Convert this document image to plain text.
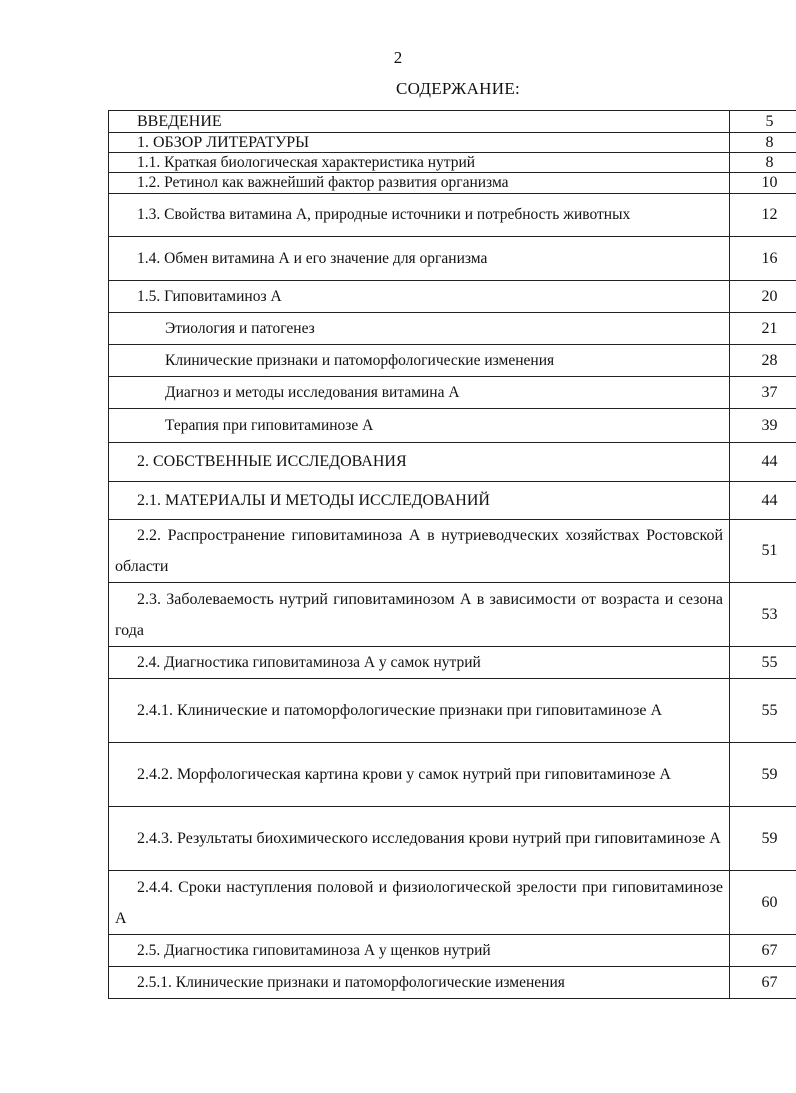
2
СОДЕРЖАНИЕ:
ВВЕДЕНИЕ	5
1. ОБЗОР ЛИТЕРАТУРЫ	8
1.1. Краткая биологическая характеристика нутрий	8
1.2. Ретинол как важнейший фактор развития организма	10

1.3. Свойства витамина А, природные источники и потребность животных	12
1.4. Обмен витамина А и его значение для организма	16
1.5. Гиповитаминоз А	20
Этиология и патогенез	21
Клинические признаки и патоморфологические изменения	28
Диагноз и методы исследования витамина А	37
Терапия при гиповитаминозе А	39
2. СОБСТВЕННЫЕ ИССЛЕДОВАНИЯ	44
2.1. МАТЕРИАЛЫ И МЕТОДЫ ИССЛЕДОВАНИЙ	44

2.2. Распространение гиповитаминоза А в нутриеводческих хозяйствах Ростовской области	51

2.3. Заболеваемость нутрий гиповитаминозом А в зависимости от возраста и сезона года	53
2.4. Диагностика гиповитаминоза А у самок нутрий	55

2.4.1. Клинические и патоморфологические признаки при гиповитаминозе А	55

2.4.2. Морфологическая картина крови у самок нутрий при гиповитаминозе А	59

2.4.3. Результаты биохимического исследования крови нутрий при гиповитаминозе А	59

2.4.4. Сроки наступления половой и физиологической зрелости при гиповитаминозе А	60
2.5. Диагностика гиповитаминоза А у щенков нутрий	67

2.5.1. Клинические признаки и патоморфологические изменения	67
